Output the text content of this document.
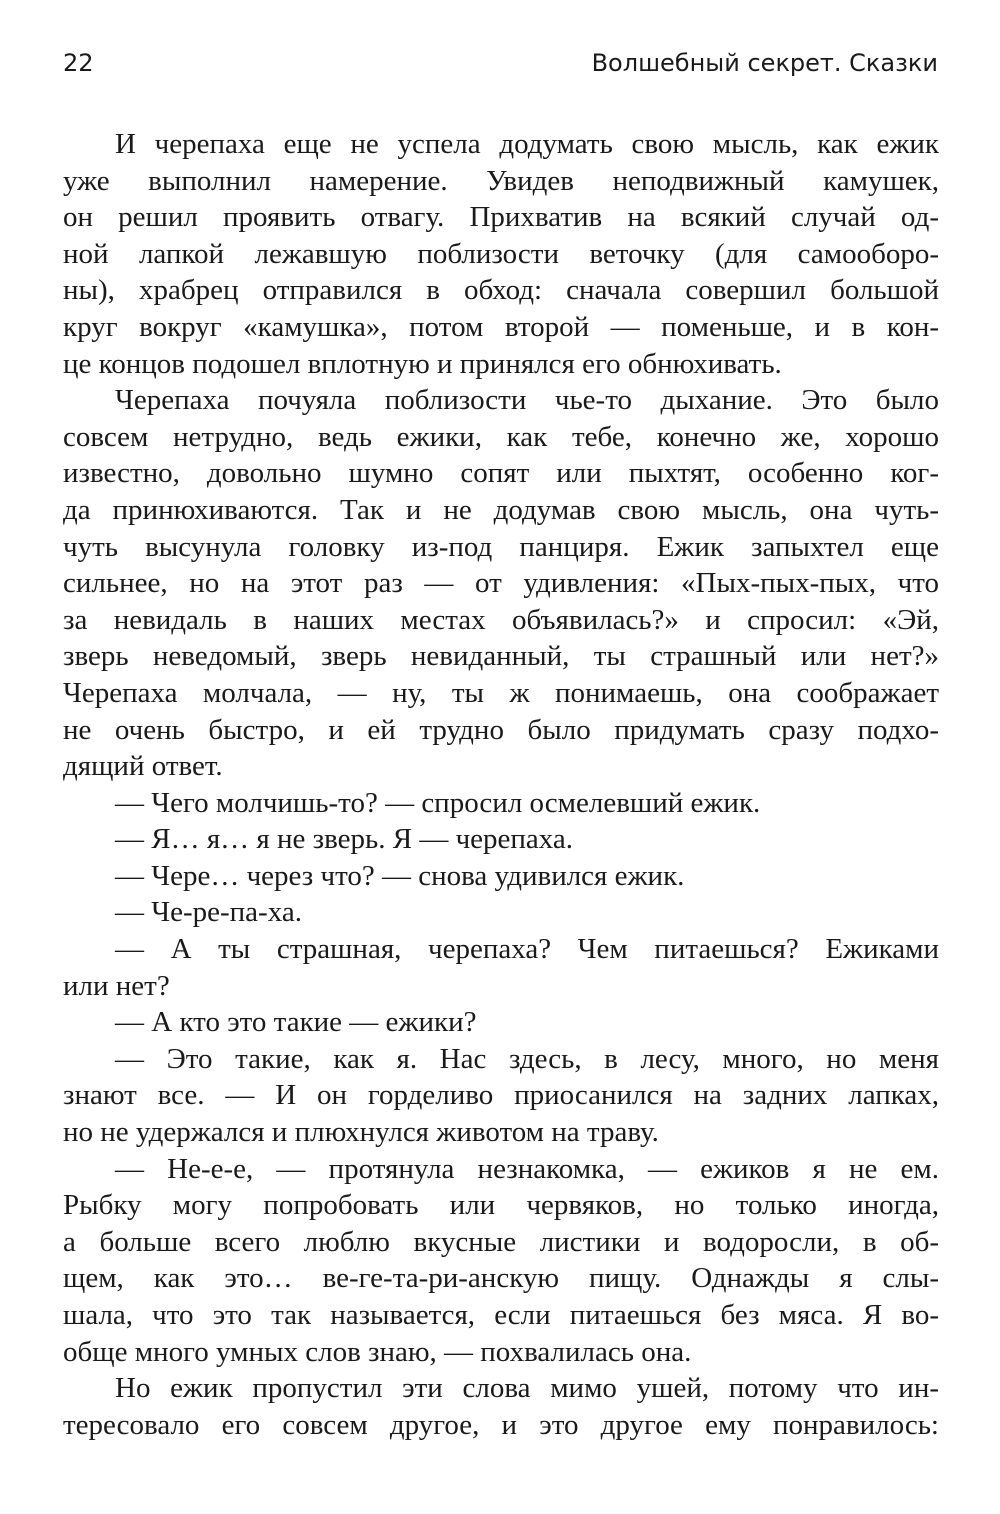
22	Волшебный секрет. Сказки
И черепаха еще не успела додумать свою мысль, как ежик
уже выполнил намерение. Увидев неподвижный камушек,
он решил проявить отвагу. Прихватив на всякий случай од-
ной лапкой лежавшую поблизости веточку (для самооборо-
ны), храбрец отправился в обход: сначала совершил большой
круг вокруг «камушка», потом второй — поменьше, и в кон-
це концов подошел вплотную и принялся его обнюхивать.
Черепаха почуяла поблизости чье-то дыхание. Это было
совсем нетрудно, ведь ежики, как тебе, конечно же, хорошо
известно, довольно шумно сопят или пыхтят, особенно ког-
да принюхиваются. Так и не додумав свою мысль, она чуть-
чуть высунула головку из-под панциря. Ежик запыхтел еще
сильнее, но на этот раз — от удивления: «Пых-пых-пых, что
за невидаль в наших местах объявилась?» и спросил: «Эй,
зверь неведомый, зверь невиданный, ты страшный или нет?»
Черепаха молчала, — ну, ты ж понимаешь, она соображает
не очень быстро, и ей трудно было придумать сразу подхо-
дящий ответ.
— Чего молчишь-то? — спросил осмелевший ежик.
— Я… я… я не зверь. Я — черепаха.
— Чере… через что? — снова удивился ежик.
— Че-ре-па-ха.
— А ты страшная, черепаха? Чем питаешься? Ежиками
или нет?
— А кто это такие — ежики?
— Это такие, как я. Нас здесь, в лесу, много, но меня
знают все. — И он горделиво приосанился на задних лапках,
но не удержался и плюхнулся животом на траву.
— Не-е-е, — протянула незнакомка, — ежиков я не ем.
Рыбку могу попробовать или червяков, но только иногда,
а больше всего люблю вкусные листики и водоросли, в об-
щем, как это… ве-ге-та-ри-анскую пищу. Однажды я слы-
шала, что это так называется, если питаешься без мяса. Я во-
обще много умных слов знаю, — похвалилась она.
Но ежик пропустил эти слова мимо ушей, потому что ин-
тересовало его совсем другое, и это другое ему понравилось:
